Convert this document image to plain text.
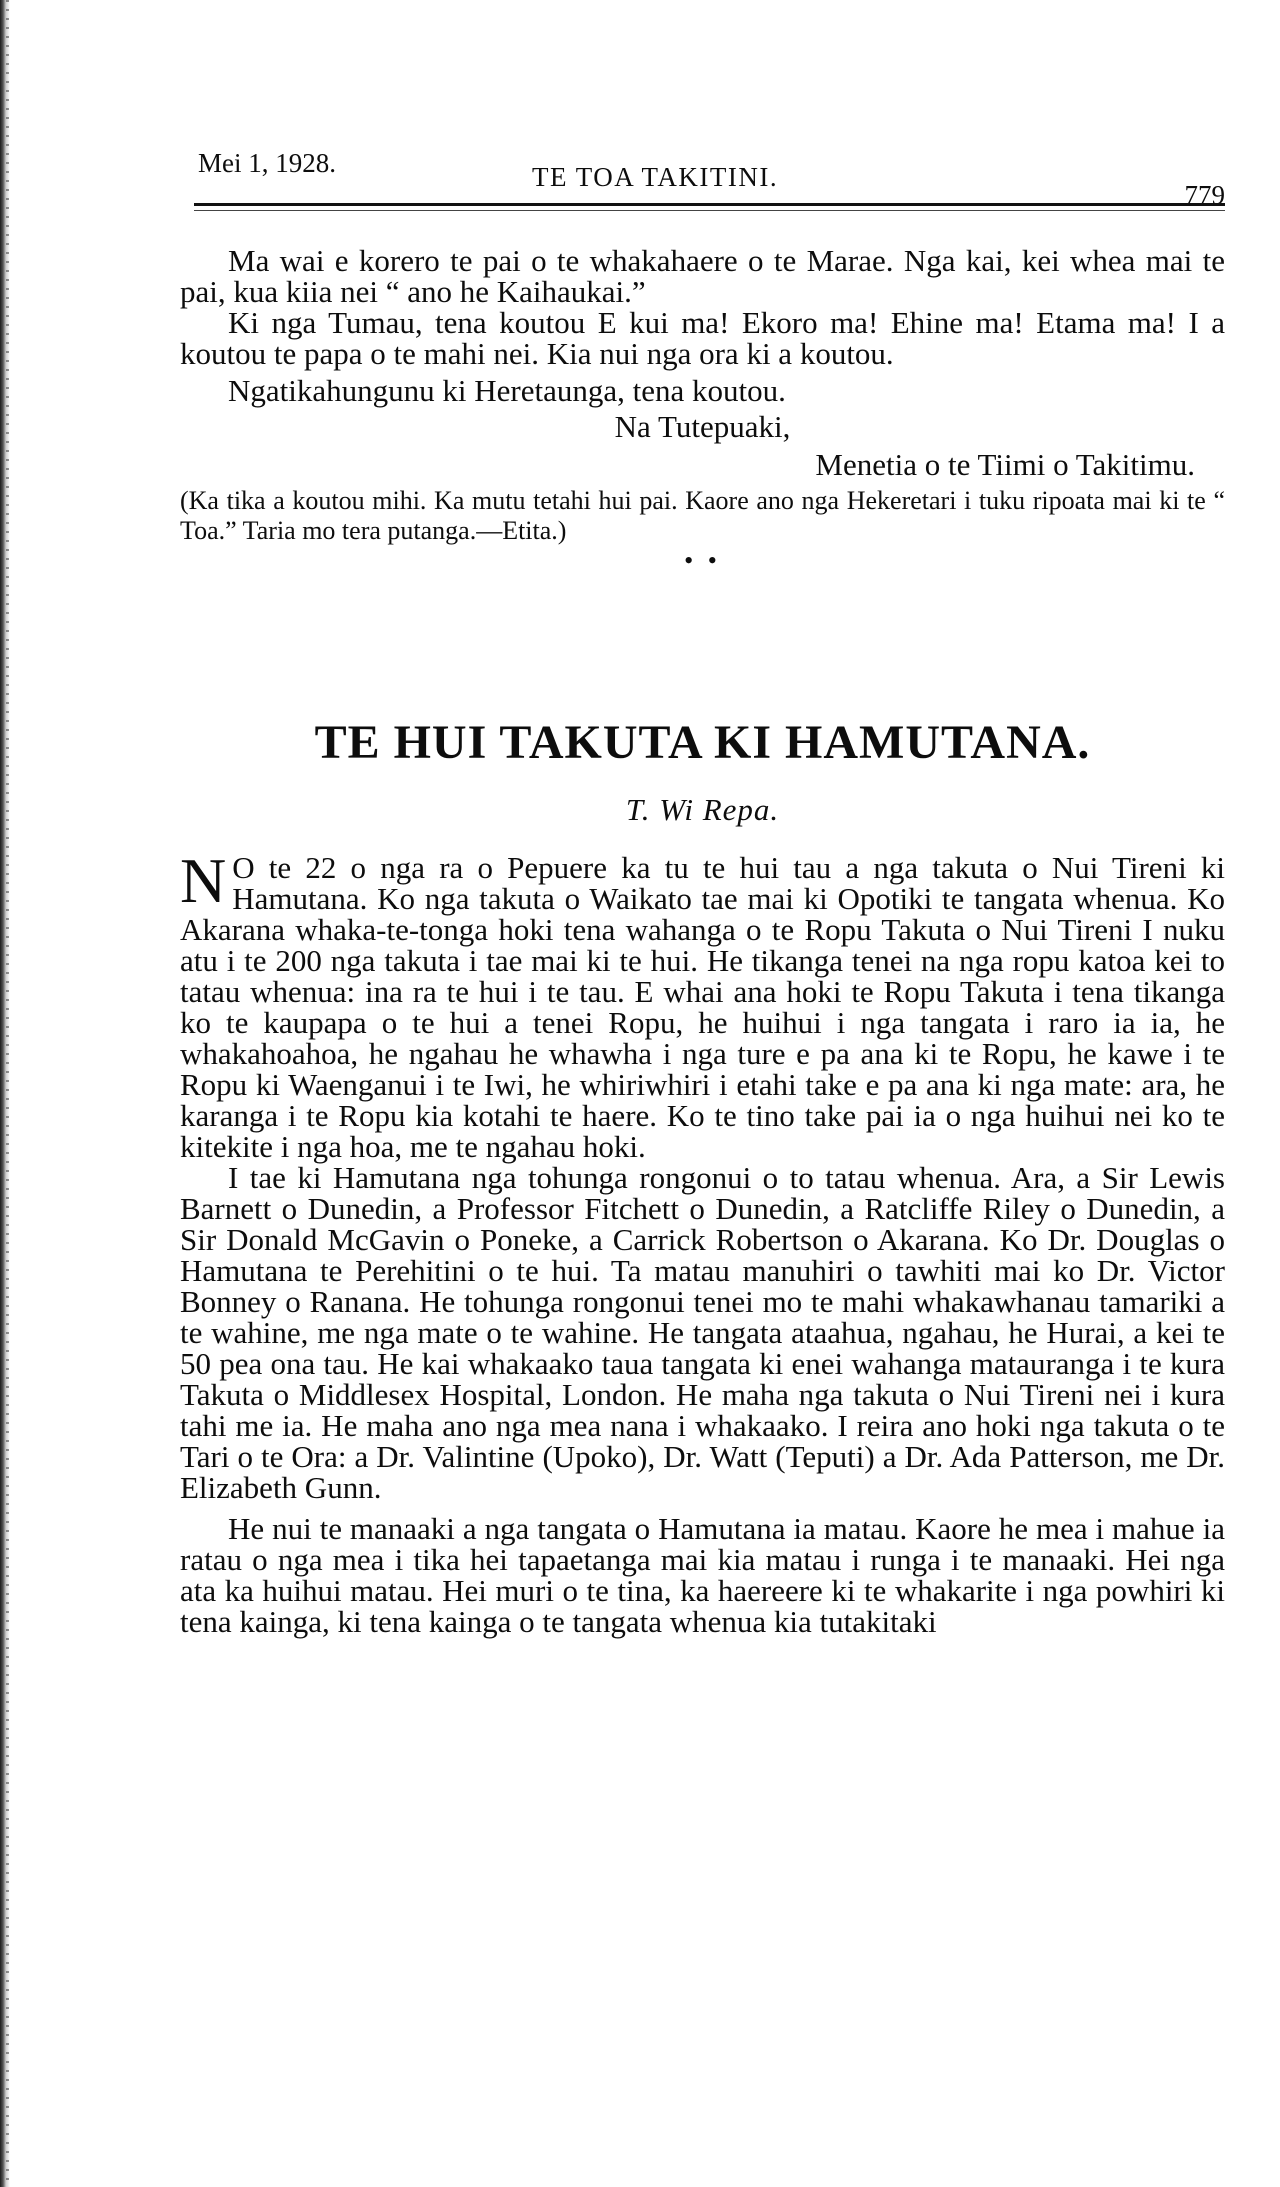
Mei 1, 1928.	TE TOA TAKITINI.
779

Ma wai e korero te pai o te whakahaere o te Marae. Nga kai, kei whea mai te pai, kua kiia nei “ ano he Kaihaukai.”

Ki nga Tumau, tena koutou E kui ma! Ekoro ma! Ehine ma! Etama ma! I a koutou te papa o te mahi nei. Kia nui nga ora ki a koutou.

Ngatikahungunu ki Heretaunga, tena koutou.

Na Tutepuaki,

Menetia o te Tiimi o Takitimu.

(Ka tika a koutou mihi. Ka mutu tetahi hui pai. Kaore ano nga Hekeretari i tuku ripoata mai ki te “ Toa.” Taria mo tera putanga.—Etita.)

• •

TE HUI TAKUTA KI HAMUTANA.
T. Wi Repa.

N O te 22 o nga ra o Pepuere ka tu te hui tau a nga takuta o Nui Tireni ki Hamutana. Ko nga takuta o Waikato tae mai ki Opotiki te tangata whenua. Ko Akarana whaka-te-tonga hoki tena wahanga o te Ropu Takuta o Nui Tireni I nuku atu i te 200 nga takuta i tae mai ki te hui. He tikanga tenei na nga ropu katoa kei to tatau whenua: ina ra te hui i te tau. E whai ana hoki te Ropu Takuta i tena tikanga ko te kaupapa o te hui a tenei Ropu, he huihui i nga tangata i raro ia ia, he whakahoahoa, he ngahau he whawha i nga ture e pa ana ki te Ropu, he kawe i te Ropu ki Waenganui i te Iwi, he whiriwhiri i etahi take e pa ana ki nga mate: ara, he karanga i te Ropu kia kotahi te haere. Ko te tino take pai ia o nga huihui nei ko te kitekite i nga hoa, me te ngahau hoki.

I tae ki Hamutana nga tohunga rongonui o to tatau whenua. Ara, a Sir Lewis Barnett o Dunedin, a Professor Fitchett o Dunedin, a Ratcliffe Riley o Dunedin, a Sir Donald McGavin o Poneke, a Carrick Robertson o Akarana. Ko Dr. Douglas o Hamutana te Perehitini o te hui. Ta matau manuhiri o tawhiti mai ko Dr. Victor Bonney o Ranana. He tohunga rongonui tenei mo te mahi whakawhanau tamariki a te wahine, me nga mate o te wahine. He tangata ataahua, ngahau, he Hurai, a kei te 50 pea ona tau. He kai whakaako taua tangata ki enei wahanga matauranga i te kura Takuta o Middlesex Hospital, London. He maha nga takuta o Nui Tireni nei i kura tahi me ia. He maha ano nga mea nana i whakaako. I reira ano hoki nga takuta o te Tari o te Ora: a Dr. Valintine (Upoko), Dr. Watt (Teputi) a Dr. Ada Patterson, me Dr. Elizabeth Gunn.

He nui te manaaki a nga tangata o Hamutana ia matau. Kaore he mea i mahue ia ratau o nga mea i tika hei tapaetanga mai kia matau i runga i te manaaki. Hei nga ata ka huihui matau. Hei muri o te tina, ka haereere ki te whakarite i nga powhiri ki tena kainga, ki tena kainga o te tangata whenua kia tutakitaki
